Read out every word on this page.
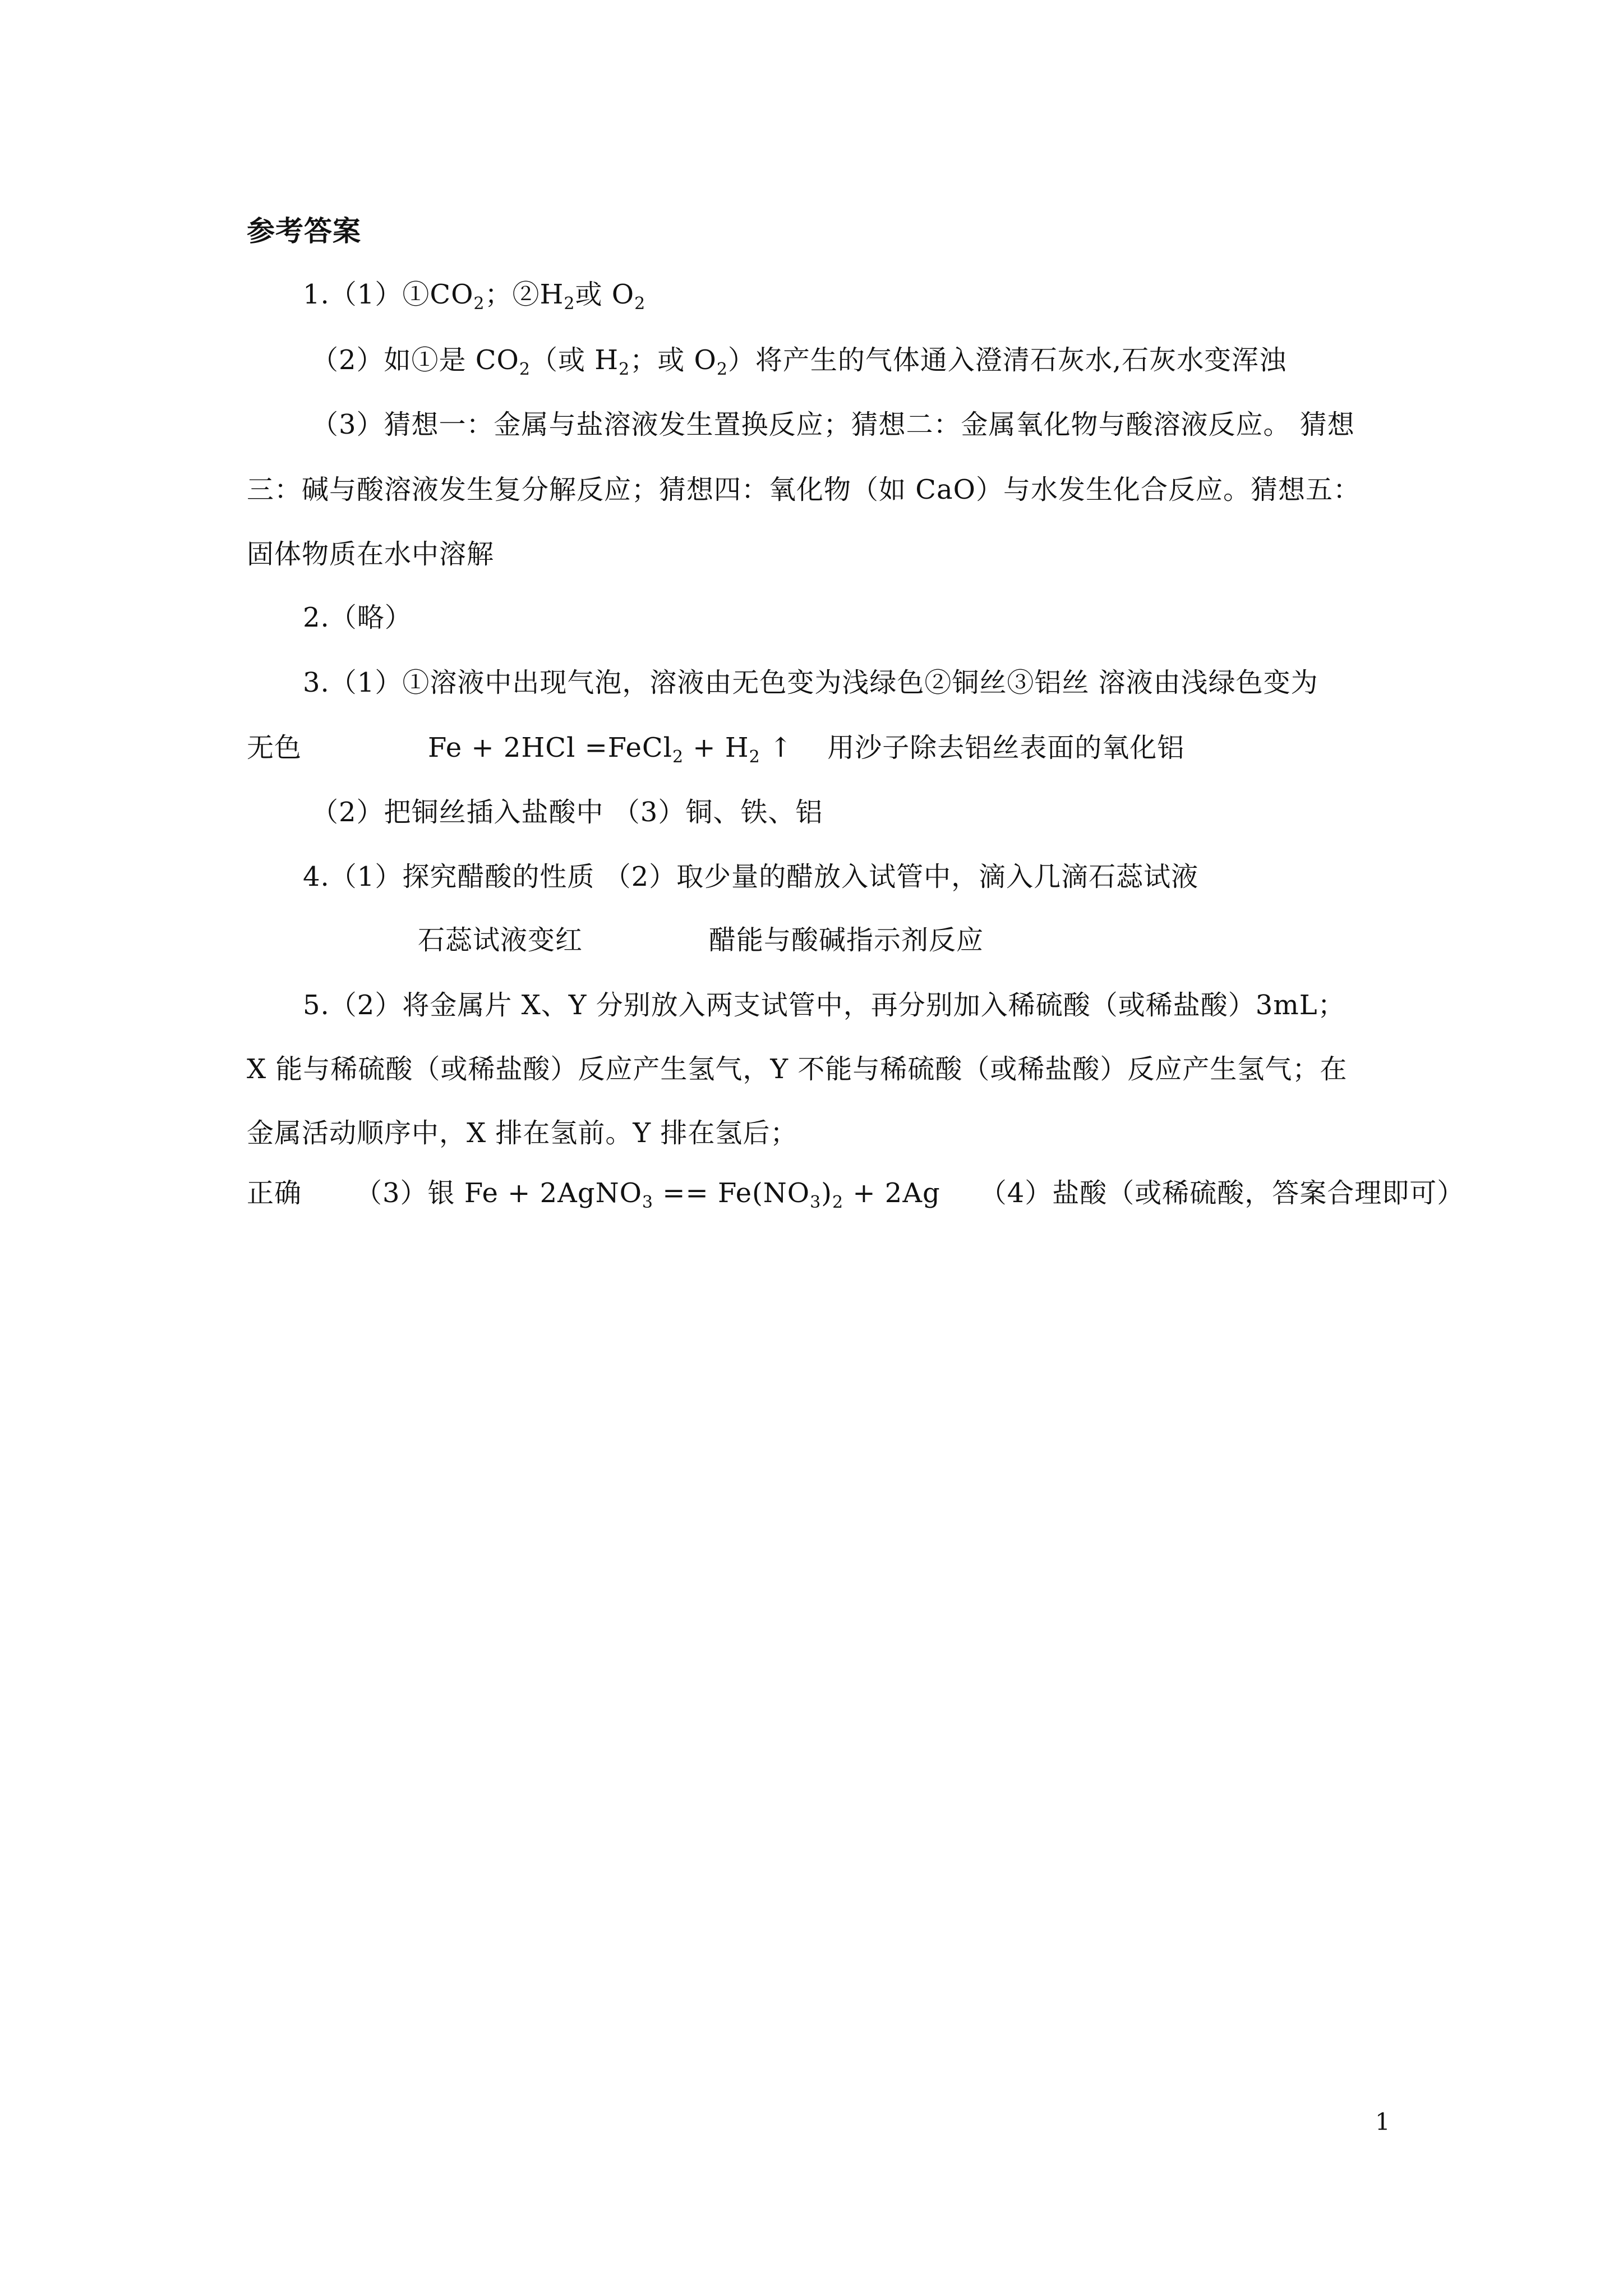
参考答案
$1.(1)①CO_2$；$②H_2$或 $O_2$
（2）如①是 $CO_2$（或 $H_2$；或 $O_2$）将产生的气体通入澄清石灰水,石灰水变浑浊
（3）猜想一：金属与盐溶液发生置换反应；猜想二：金属氧化物与酸溶液反应。 猜想
三：碱与酸溶液发生复分解反应；猜想四：氧化物（如 CaO）与水发生化合反应。猜想五：
固体物质在水中溶解
2.（略）
3.（1）①溶液中出现气泡，溶液由无色变为浅绿色②铜丝③铝丝 溶液由浅绿色变为
无色	Fe + 2HCl =FeCl$_2$ + $H_2$ ↑ 用沙子除去铝丝表面的氧化铝
（2）把铜丝插入盐酸中 （3）铜、铁、铝
4.（1）探究醋酸的性质 （2）取少量的醋放入试管中，滴入几滴石蕊试液
石蕊试液变红	醋能与酸碱指示剂反应
5.（2）将金属片 X、Y 分别放入两支试管中，再分别加入稀硫酸（或稀盐酸）3mL；
X 能与稀硫酸（或稀盐酸）反应产生氢气，Y 不能与稀硫酸（或稀盐酸）反应产生氢气；在
金属活动顺序中，X 排在氢前。Y 排在氢后；
正确 （3）银 Fe + 2AgNO$_3$ == $Fe(NO_3)_2 + 2Ag$ （4）盐酸（或稀硫酸，答案合理即可）
1
